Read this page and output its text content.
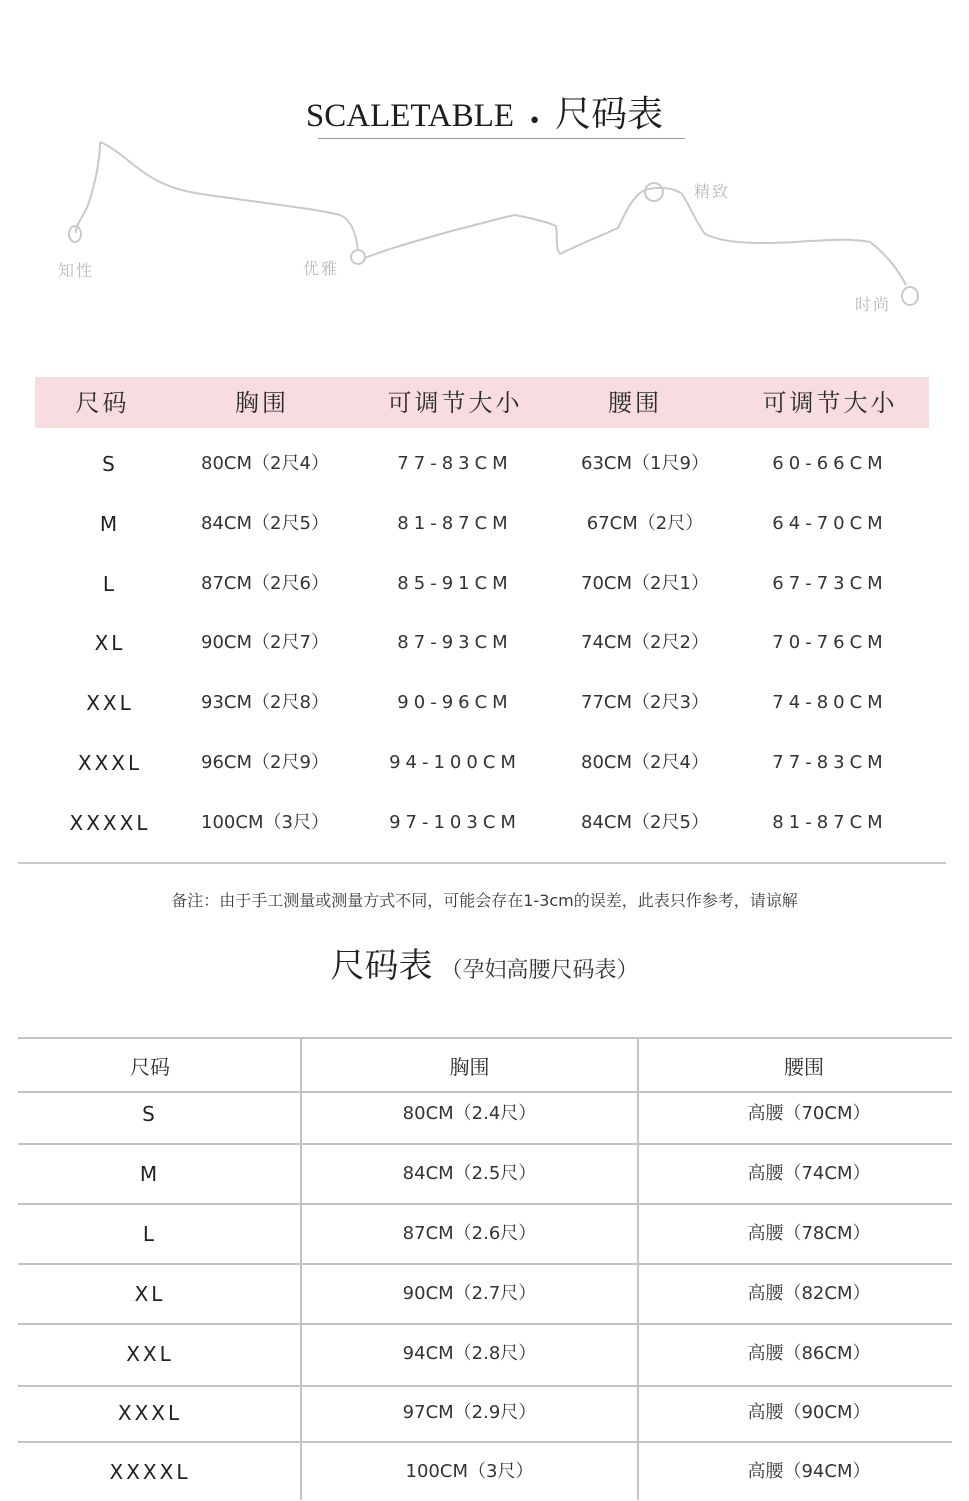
SCALETABLE • 尺码表
知性	优雅
精致
时尚
尺码	胸围	可调节大小	腰围	可调节大小
S	80CM（2尺4）	77-83CM	63CM（1尺9）	60-66CM
M	84CM（2尺5）	81-87CM	67CM（2尺）	64-70CM
L	87CM（2尺6）	85-91CM	70CM（2尺1）	67-73CM
XL	90CM（2尺7）	87-93CM	74CM（2尺2）	70-76CM
XXL	93CM（2尺8）	90-96CM	77CM（2尺3）	74-80CM
XXXL	96CM（2尺9）	94-100CM	80CM（2尺4）	77-83CM
XXXXL	100CM（3尺）	97-103CM	84CM（2尺5）	81-87CM
备注：由于手工测量或测量方式不同，可能会存在1-3cm的误差，此表只作参考，请谅解
尺码表 （孕妇高腰尺码表）
尺码	胸围	腰围
S	80CM（2.4尺）	高腰（70CM）
M	84CM（2.5尺）	高腰（74CM）
L	87CM（2.6尺）	高腰（78CM）
XL	90CM（2.7尺）	高腰（82CM）
XXL	94CM（2.8尺）	高腰（86CM）
XXXL	97CM（2.9尺）	高腰（90CM）
XXXXL	100CM（3尺）	高腰（94CM）
